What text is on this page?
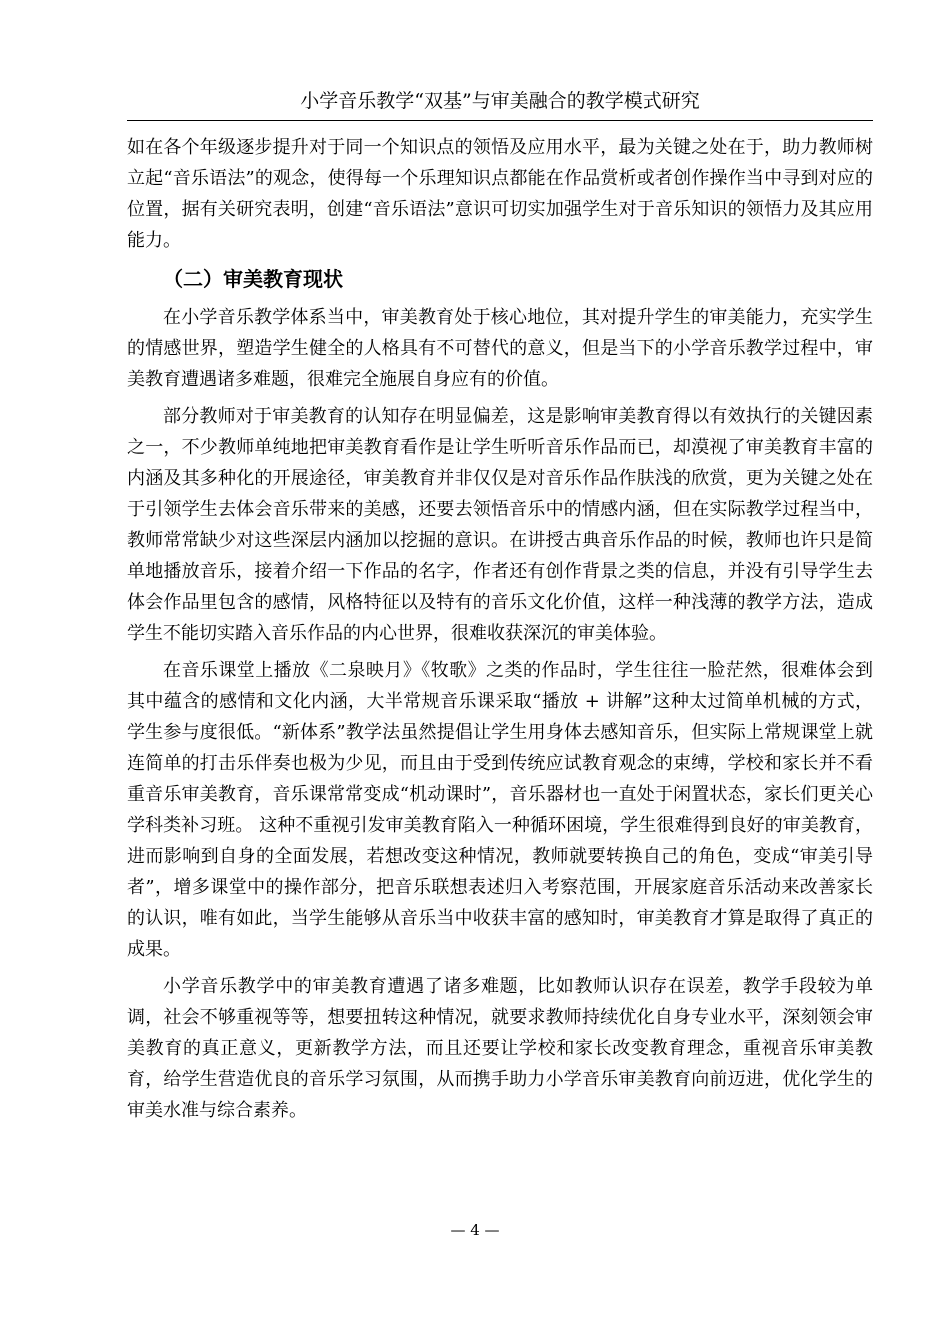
小学音乐教学“双基”与审美融合的教学模式研究

如在各个年级逐步提升对于同一个知识点的领悟及应用水平，最为关键之处在于，助力教师树立起“音乐语法”的观念，使得每一个乐理知识点都能在作品赏析或者创作操作当中寻到对应的位置，据有关研究表明，创建“音乐语法”意识可切实加强学生对于音乐知识的领悟力及其应用能力。

（二）审美教育现状

在小学音乐教学体系当中，审美教育处于核心地位，其对提升学生的审美能力，充实学生的情感世界，塑造学生健全的人格具有不可替代的意义，但是当下的小学音乐教学过程中，审美教育遭遇诸多难题，很难完全施展自身应有的价值。

部分教师对于审美教育的认知存在明显偏差，这是影响审美教育得以有效执行的关键因素之一，不少教师单纯地把审美教育看作是让学生听听音乐作品而已，却漠视了审美教育丰富的内涵及其多种化的开展途径，审美教育并非仅仅是对音乐作品作肤浅的欣赏，更为关键之处在于引领学生去体会音乐带来的美感，还要去领悟音乐中的情感内涵，但在实际教学过程当中，教师常常缺少对这些深层内涵加以挖掘的意识。在讲授古典音乐作品的时候，教师也许只是简单地播放音乐，接着介绍一下作品的名字，作者还有创作背景之类的信息，并没有引导学生去体会作品里包含的感情，风格特征以及特有的音乐文化价值，这样一种浅薄的教学方法，造成学生不能切实踏入音乐作品的内心世界，很难收获深沉的审美体验。

在音乐课堂上播放《二泉映月》《牧歌》之类的作品时，学生往往一脸茫然，很难体会到其中蕴含的感情和文化内涵，大半常规音乐课采取“播放 + 讲解”这种太过简单机械的方式，学生参与度很低。“新体系”教学法虽然提倡让学生用身体去感知音乐，但实际上常规课堂上就连简单的打击乐伴奏也极为少见，而且由于受到传统应试教育观念的束缚，学校和家长并不看重音乐审美教育，音乐课常常变成“机动课时”，音乐器材也一直处于闲置状态，家长们更关心学科类补习班。 这种不重视引发审美教育陷入一种循环困境，学生很难得到良好的审美教育，进而影响到自身的全面发展，若想改变这种情况，教师就要转换自己的角色，变成“审美引导者”，增多课堂中的操作部分，把音乐联想表述归入考察范围，开展家庭音乐活动来改善家长的认识，唯有如此，当学生能够从音乐当中收获丰富的感知时，审美教育才算是取得了真正的成果。

小学音乐教学中的审美教育遭遇了诸多难题，比如教师认识存在误差，教学手段较为单调，社会不够重视等等，想要扭转这种情况，就要求教师持续优化自身专业水平，深刻领会审美教育的真正意义，更新教学方法，而且还要让学校和家长改变教育理念，重视音乐审美教育，给学生营造优良的音乐学习氛围，从而携手助力小学音乐审美教育向前迈进，优化学生的审美水准与综合素养。

— 4 —
